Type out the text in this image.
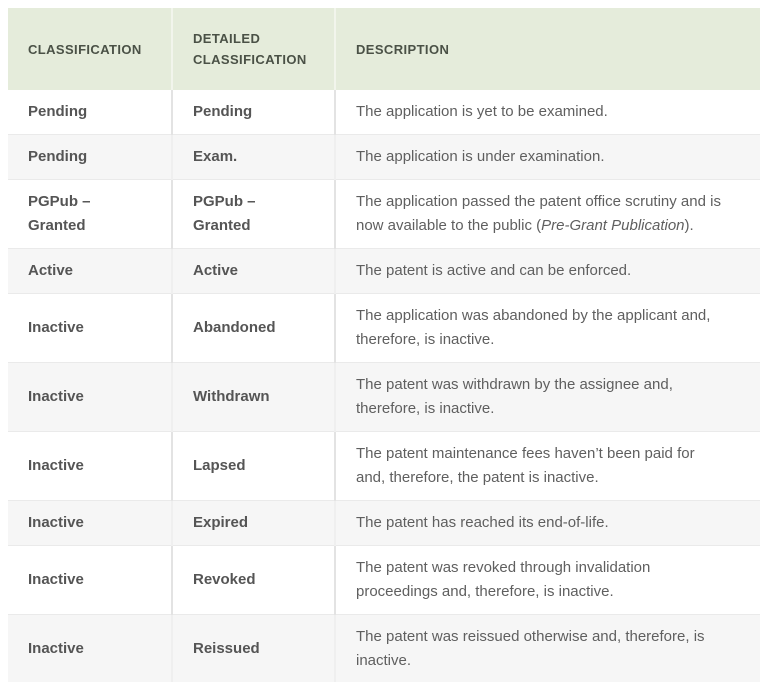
CLASSIFICATION	DETAILED CLASSIFICATION	DESCRIPTION
Pending	Pending	The application is yet to be examined.
Pending	Exam.	The application is under examination.
PGPub – Granted	PGPub – Granted	The application passed the patent office scrutiny and is now available to the public (Pre-Grant Publication).
Active	Active	The patent is active and can be enforced.
Inactive	Abandoned	The application was abandoned by the applicant and, therefore, is inactive.
Inactive	Withdrawn	The patent was withdrawn by the assignee and, therefore, is inactive.
Inactive	Lapsed	The patent maintenance fees haven’t been paid for and, therefore, the patent is inactive.
Inactive	Expired	The patent has reached its end-of-life.
Inactive	Revoked	The patent was revoked through invalidation proceedings and, therefore, is inactive.
Inactive	Reissued	The patent was reissued otherwise and, therefore, is inactive.
